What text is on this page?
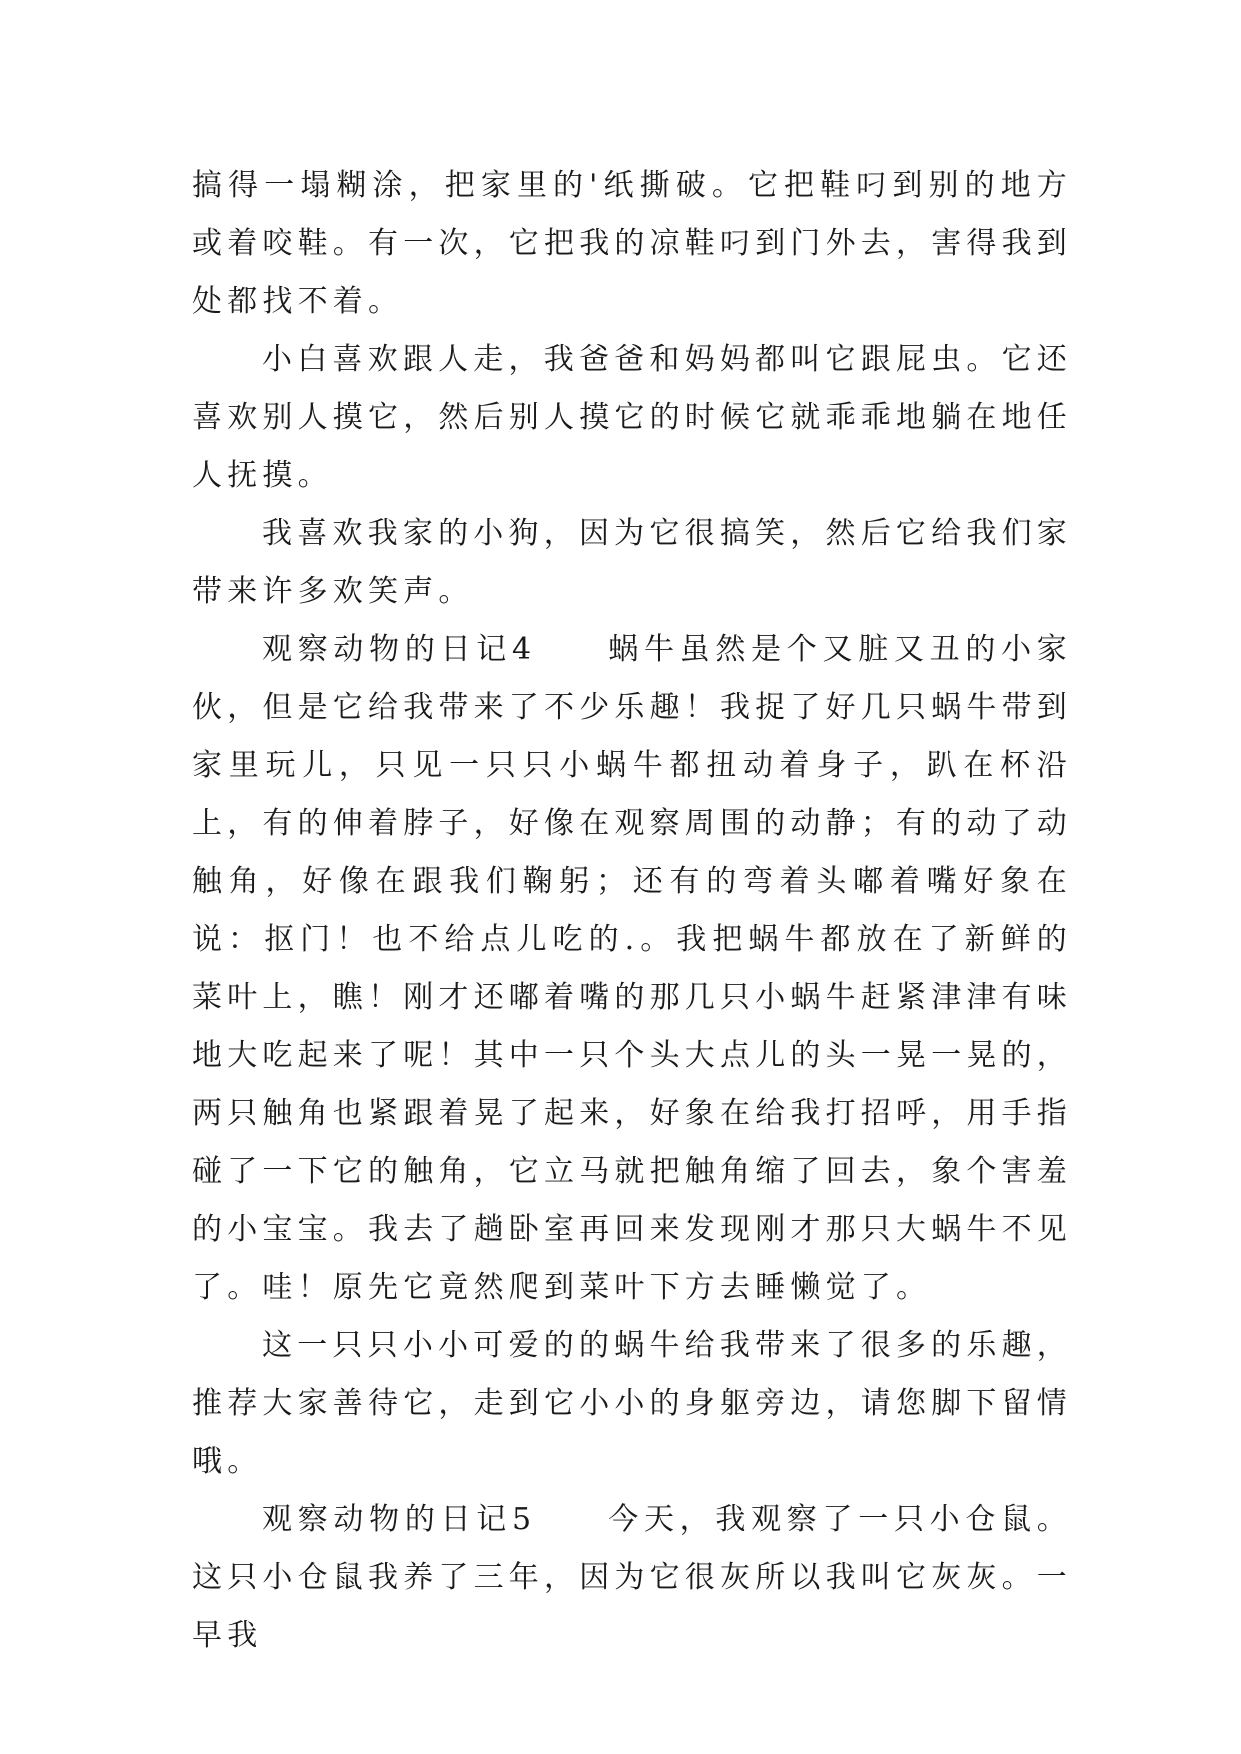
搞得一塌糊涂，把家里的'纸撕破。它把鞋叼到别的地方或着咬鞋。有一次，它把我的凉鞋叼到门外去，害得我到处都找不着。

小白喜欢跟人走，我爸爸和妈妈都叫它跟屁虫。它还喜欢别人摸它，然后别人摸它的时候它就乖乖地躺在地任人抚摸。

我喜欢我家的小狗，因为它很搞笑，然后它给我们家带来许多欢笑声。

观察动物的日记4　　蜗牛虽然是个又脏又丑的小家伙，但是它给我带来了不少乐趣！我捉了好几只蜗牛带到家里玩儿，只见一只只小蜗牛都扭动着身子，趴在杯沿上，有的伸着脖子，好像在观察周围的动静；有的动了动触角，好像在跟我们鞠躬；还有的弯着头嘟着嘴好象在说：抠门！也不给点儿吃的.。我把蜗牛都放在了新鲜的菜叶上，瞧！刚才还嘟着嘴的那几只小蜗牛赶紧津津有味地大吃起来了呢！其中一只个头大点儿的头一晃一晃的，两只触角也紧跟着晃了起来，好象在给我打招呼，用手指碰了一下它的触角，它立马就把触角缩了回去，象个害羞的小宝宝。我去了趟卧室再回来发现刚才那只大蜗牛不见了。哇！原先它竟然爬到菜叶下方去睡懒觉了。

这一只只小小可爱的的蜗牛给我带来了很多的乐趣，推荐大家善待它，走到它小小的身躯旁边，请您脚下留情哦。

观察动物的日记5　　今天，我观察了一只小仓鼠。这只小仓鼠我养了三年，因为它很灰所以我叫它灰灰。一早我
